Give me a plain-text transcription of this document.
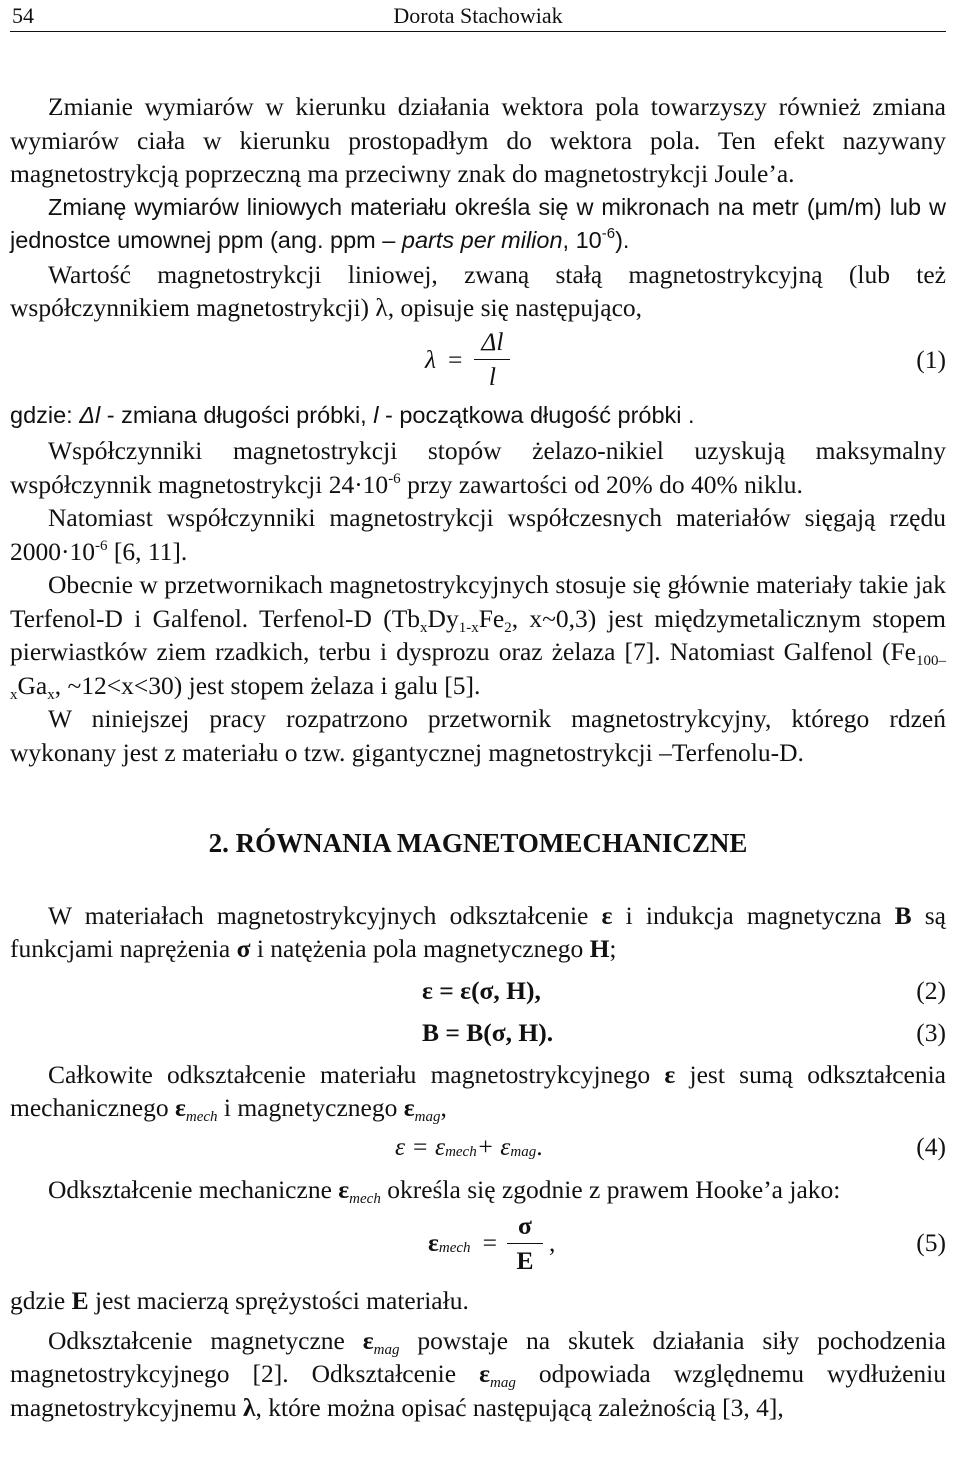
54	Dorota Stachowiak

Zmianie wymiarów w kierunku działania wektora pola towarzyszy również zmiana wymiarów ciała w kierunku prostopadłym do wektora pola. Ten efekt nazywany magnetostrykcją poprzeczną ma przeciwny znak do magnetostrykcji Joule’a.

Zmianę wymiarów liniowych materiału określa się w mikronach na metr (μm/m) lub w jednostce umownej ppm (ang. ppm – parts per milion, $10^{-6}$).

Wartość magnetostrykcji liniowej, zwaną stałą magnetostrykcyjną (lub też współczynnikiem magnetostrykcji) λ, opisuje się następująco,

$\lambda = \frac{\Delta l}{l}$	(1)

gdzie: Δl - zmiana długości próbki, l - początkowa długość próbki .

Współczynniki magnetostrykcji stopów żelazo-nikiel uzyskują maksymalny współczynnik magnetostrykcji $24\cdot 10^{-6}$ przy zawartości od 20% do 40% niklu.

Natomiast współczynniki magnetostrykcji współczesnych materiałów sięgają rzędu $2000\cdot 10^{-6}$ [6, 11].

Obecnie w przetwornikach magnetostrykcyjnych stosuje się głównie materiały takie jak Terfenol-D i Galfenol. Terfenol-D ($Tb_xDy_{1-x}Fe_2$, x~0,3) jest międzymetalicznym stopem pierwiastków ziem rzadkich, terbu i dysprozu oraz żelaza [7]. Natomiast Galfenol ($Fe_{100-x}Ga_x$, ~12<x<30) jest stopem żelaza i galu [5].

W niniejszej pracy rozpatrzono przetwornik magnetostrykcyjny, którego rdzeń wykonany jest z materiału o tzw. gigantycznej magnetostrykcji –Terfenolu-D.

2. RÓWNANIA MAGNETOMECHANICZNE

W materiałach magnetostrykcyjnych odkształcenie ε i indukcja magnetyczna B są funkcjami naprężenia σ i natężenia pola magnetycznego H;

ε = ε(σ, H),	(2)
B = B(σ, H).	(3)

Całkowite odkształcenie materiału magnetostrykcyjnego ε jest sumą odkształcenia mechanicznego $\varepsilon_{mech}$ i magnetycznego $\varepsilon_{mag}$,

$\varepsilon = \varepsilon_{mech} + \varepsilon_{mag}$ .	(4)

Odkształcenie mechaniczne $\varepsilon_{mech}$ określa się zgodnie z prawem Hooke’a jako:

$\varepsilon_{mech} = \frac{\sigma}{E}$ ,	(5)

gdzie E jest macierzą sprężystości materiału.

Odkształcenie magnetyczne $\varepsilon_{mag}$ powstaje na skutek działania siły pochodzenia magnetostrykcyjnego [2]. Odkształcenie $\varepsilon_{mag}$ odpowiada względnemu wydłużeniu magnetostrykcyjnemu λ, które można opisać następującą zależnością [3, 4],
